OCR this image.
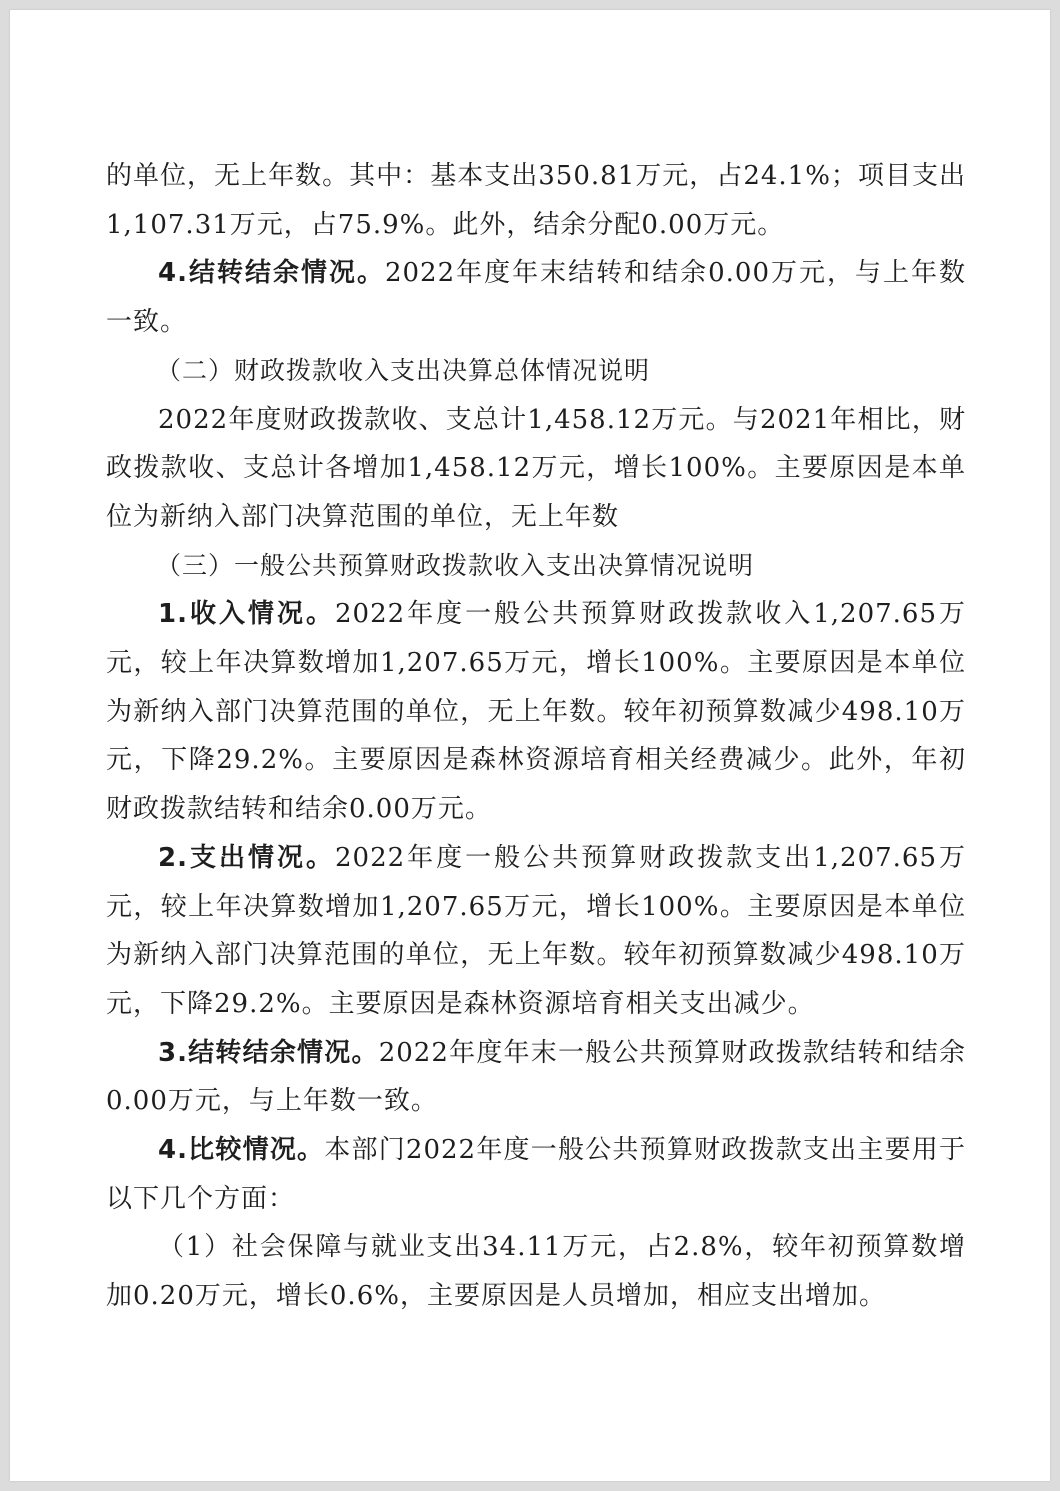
的单位，无上年数。其中：基本支出350.81万元，占24.1%；项目支出1,107.31万元，占75.9%。此外，结余分配0.00万元。

4.结转结余情况。2022年度年末结转和结余0.00万元，与上年数一致。

（二）财政拨款收入支出决算总体情况说明

2022年度财政拨款收、支总计1,458.12万元。与2021年相比，财政拨款收、支总计各增加1,458.12万元，增长100%。主要原因是本单位为新纳入部门决算范围的单位，无上年数

（三）一般公共预算财政拨款收入支出决算情况说明

1.收入情况。2022年度一般公共预算财政拨款收入1,207.65万元，较上年决算数增加1,207.65万元，增长100%。主要原因是本单位为新纳入部门决算范围的单位，无上年数。较年初预算数减少498.10万元，下降29.2%。主要原因是森林资源培育相关经费减少。此外，年初财政拨款结转和结余0.00万元。

2.支出情况。2022年度一般公共预算财政拨款支出1,207.65万元，较上年决算数增加1,207.65万元，增长100%。主要原因是本单位为新纳入部门决算范围的单位，无上年数。较年初预算数减少498.10万元，下降29.2%。主要原因是森林资源培育相关支出减少。

3.结转结余情况。2022年度年末一般公共预算财政拨款结转和结余0.00万元，与上年数一致。

4.比较情况。本部门2022年度一般公共预算财政拨款支出主要用于以下几个方面：

（1）社会保障与就业支出34.11万元，占2.8%，较年初预算数增加0.20万元，增长0.6%，主要原因是人员增加，相应支出增加。
